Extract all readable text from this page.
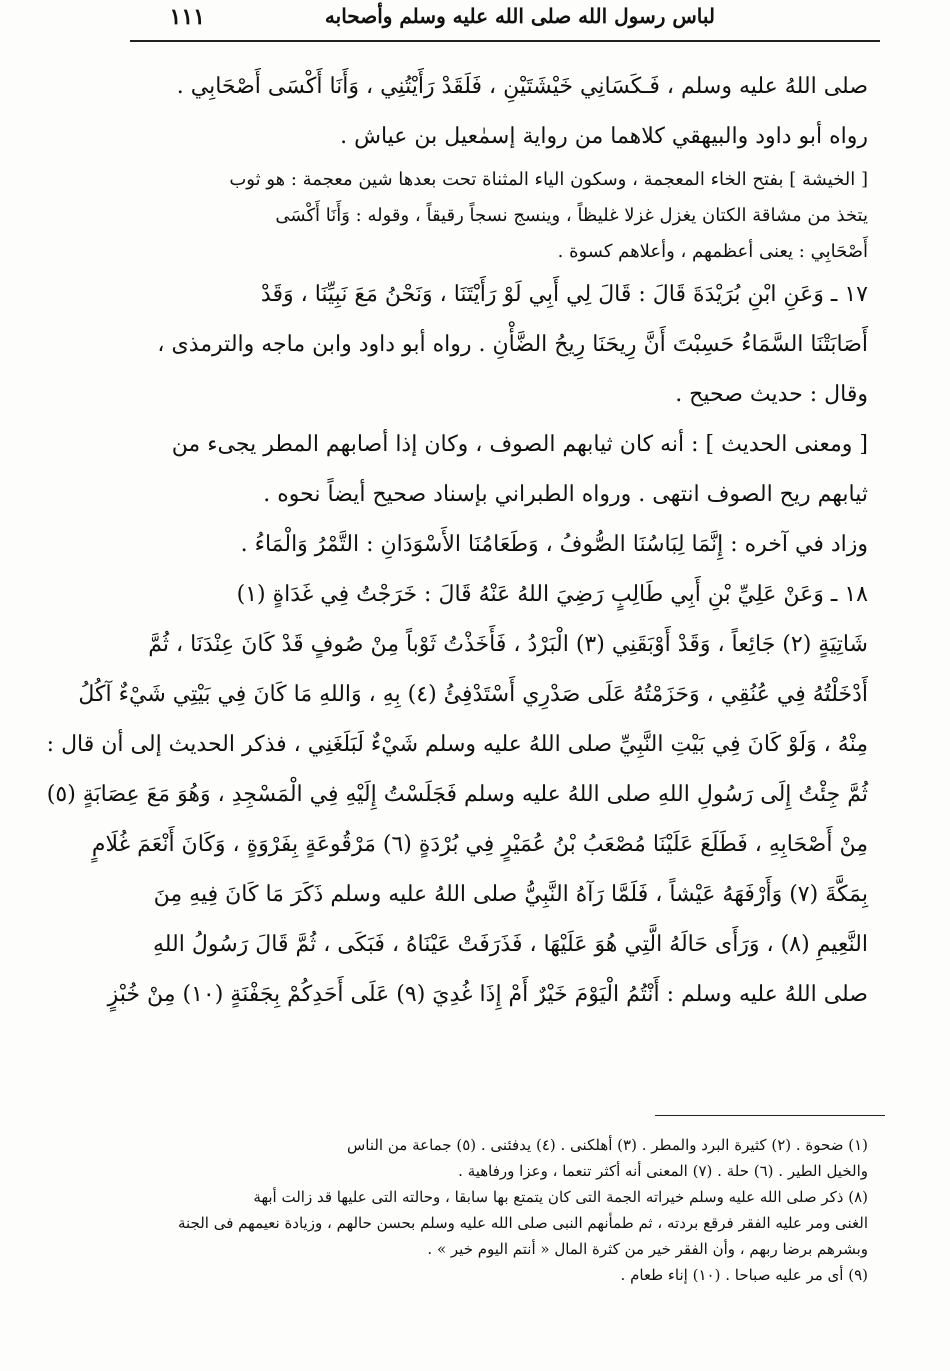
لباس رسول الله صلى الله عليه وسلم وأصحابه
١١١
صلى اللهُ عليه وسلم ، فَـكَسَانِي خَيْشَتَيْنِ ، فَلَقَدْ رَأَيْتُنِي ، وَأَنَا أَكْسَى أَصْحَابِي .
رواه أبو داود والبيهقي كلاهما من رواية إسمٰعيل بن عياش .
[ الخيشة ] بفتح الخاء المعجمة ، وسكون الياء المثناة تحت بعدها شين معجمة : هو ثوب
يتخذ من مشاقة الكتان يغزل غزلا غليظاً ، وينسج نسجاً رقيقاً ، وقوله : وَأَنَا أَكْسَى
أَصْحَابِي : يعنى أعظمهم ، وأعلاهم كسوة .
١٧ ـ وَعَنِ ابْنِ بُرَيْدَةَ قَالَ : قَالَ لِي أَبِي لَوْ رَأَيْتَنَا ، وَنَحْنُ مَعَ نَبِيِّنَا ، وَقَدْ
أَصَابَتْنَا السَّمَاءُ حَسِبْتَ أَنَّ رِيحَنَا رِيحُ الضَّأْنِ . رواه أبو داود وابن ماجه والترمذى ،
وقال : حديث صحيح .
[ ومعنى الحديث ] : أنه كان ثيابهم الصوف ، وكان إذا أصابهم المطر يجىء من
ثيابهم ريح الصوف انتهى . ورواه الطبراني بإسناد صحيح أيضاً نحوه .
وزاد في آخره : إِنَّمَا لِبَاسُنَا الصُّوفُ ، وَطَعَامُنَا الأَسْوَدَانِ : التَّمْرُ وَالْمَاءُ .
١٨ ـ وَعَنْ عَلِيِّ بْنِ أَبِي طَالِبٍ رَضِيَ اللهُ عَنْهُ قَالَ : خَرَجْتُ فِي غَدَاةٍ (١)
شَاتِيَةٍ (٢) جَائِعاً ، وَقَدْ أَوْبَقَنِي (٣) الْبَرْدُ ، فَأَخَذْتُ ثَوْباً مِنْ صُوفٍ قَدْ كَانَ عِنْدَنَا ، ثُمَّ
أَدْخَلْتُهُ فِي عُنُقِي ، وَحَزَمْتُهُ عَلَى صَدْرِي أَسْتَدْفِئُ (٤) بِهِ ، وَاللهِ مَا كَانَ فِي بَيْتِي شَيْءٌ آكُلُ
مِنْهُ ، وَلَوْ كَانَ فِي بَيْتِ النَّبِيِّ صلى اللهُ عليه وسلم شَيْءٌ لَبَلَغَنِي ، فذكر الحديث إلى أن قال :
ثُمَّ جِئْتُ إِلَى رَسُولِ اللهِ صلى اللهُ عليه وسلم فَجَلَسْتُ إِلَيْهِ فِي الْمَسْجِدِ ، وَهُوَ مَعَ عِصَابَةٍ (٥)
مِنْ أَصْحَابِهِ ، فَطَلَعَ عَلَيْنَا مُصْعَبُ بْنُ عُمَيْرٍ فِي بُرْدَةٍ (٦) مَرْقُوعَةٍ بِفَرْوَةٍ ، وَكَانَ أَنْعَمَ غُلَامٍ
بِمَكَّةَ (٧) وَأَرْفَهَهُ عَيْشاً ، فَلَمَّا رَآهُ النَّبِيُّ صلى اللهُ عليه وسلم ذَكَرَ مَا كَانَ فِيهِ مِنَ
النَّعِيمِ (٨) ، وَرَأَى حَالَهُ الَّتِي هُوَ عَلَيْهَا ، فَذَرَفَتْ عَيْنَاهُ ، فَبَكَى ، ثُمَّ قَالَ رَسُولُ اللهِ
صلى اللهُ عليه وسلم : أَنْتُمُ الْيَوْمَ خَيْرٌ أَمْ إِذَا غُدِيَ (٩) عَلَى أَحَدِكُمْ بِجَفْنَةٍ (١٠) مِنْ خُبْزٍ
(١) ضحوة . (٢) كثيرة البرد والمطر . (٣) أهلكنى . (٤) يدفئنى . (٥) جماعة من الناس
والخيل الطير . (٦) حلة . (٧) المعنى أنه أكثر تنعما ، وعزا ورفاهية .
(٨) ذكر صلى الله عليه وسلم خيراته الجمة التى كان يتمتع بها سابقا ، وحالته التى عليها قد زالت أبهة
الغنى ومر عليه الفقر فرقع بردته ، ثم طمأنهم النبى صلى الله عليه وسلم بحسن حالهم ، وزيادة نعيمهم فى الجنة
وبشرهم برضا ربهم ، وأن الفقر خير من كثرة المال « أنتم اليوم خير » .
(٩) أى مر عليه صباحا . (١٠) إناء طعام .
